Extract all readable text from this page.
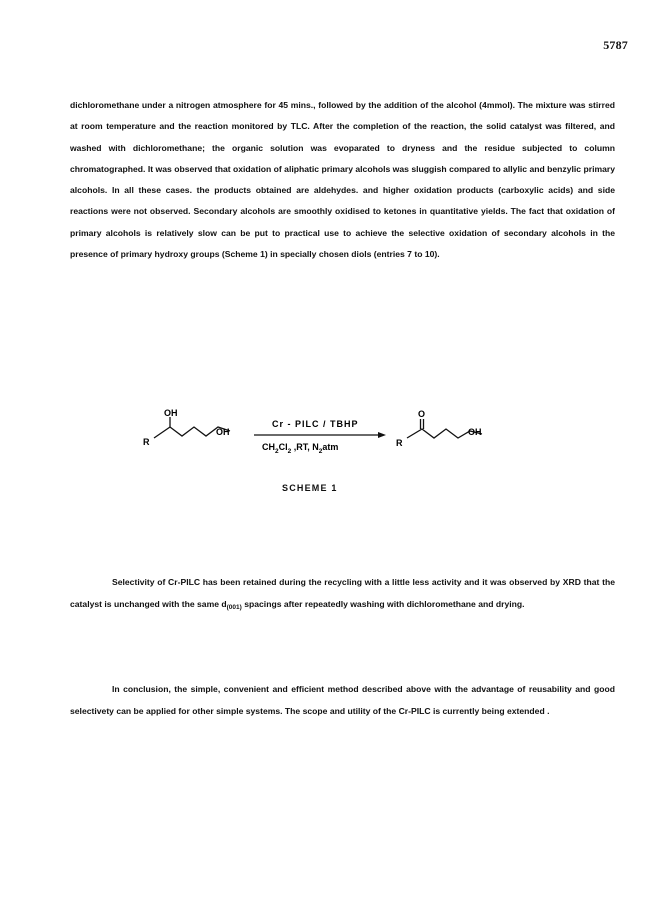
5787

dichloromethane under a nitrogen atmosphere for 45 mins., followed by the addition of the alcohol (4mmol). The mixture was stirred at room temperature and the reaction monitored by TLC. After the completion of the reaction, the solid catalyst was filtered, and washed with dichloromethane; the organic solution was evoparated to dryness and the residue subjected to column chromatographed. It was observed that oxidation of aliphatic primary alcohols was sluggish compared to allylic and benzylic primary alcohols. In all these cases. the products obtained are aldehydes. and higher oxidation products (carboxylic acids) and side reactions were not observed. Secondary alcohols are smoothly oxidised to ketones in quantitative yields. The fact that oxidation of primary alcohols is relatively slow can be put to practical use to achieve the selective oxidation of secondary alcohols in the presence of primary hydroxy groups (Scheme 1) in specially chosen diols (entries 7 to 10).

OH
R
OH
Cr - PILC / TBHP
$CH_2Cl_2$ ,RT, $N_2atm$
O
R
OH
SCHEME 1

Selectivity of Cr-PILC has been retained during the recycling with a little less activity and it was observed by XRD that the catalyst is unchanged with the same $d_{(001)}$ spacings after repeatedly washing with dichloromethane and drying.

In conclusion, the simple, convenient and efficient method described above with the advantage of reusability and good selectivety can be applied for other simple systems. The scope and utility of the Cr-PILC is currently being extended .
